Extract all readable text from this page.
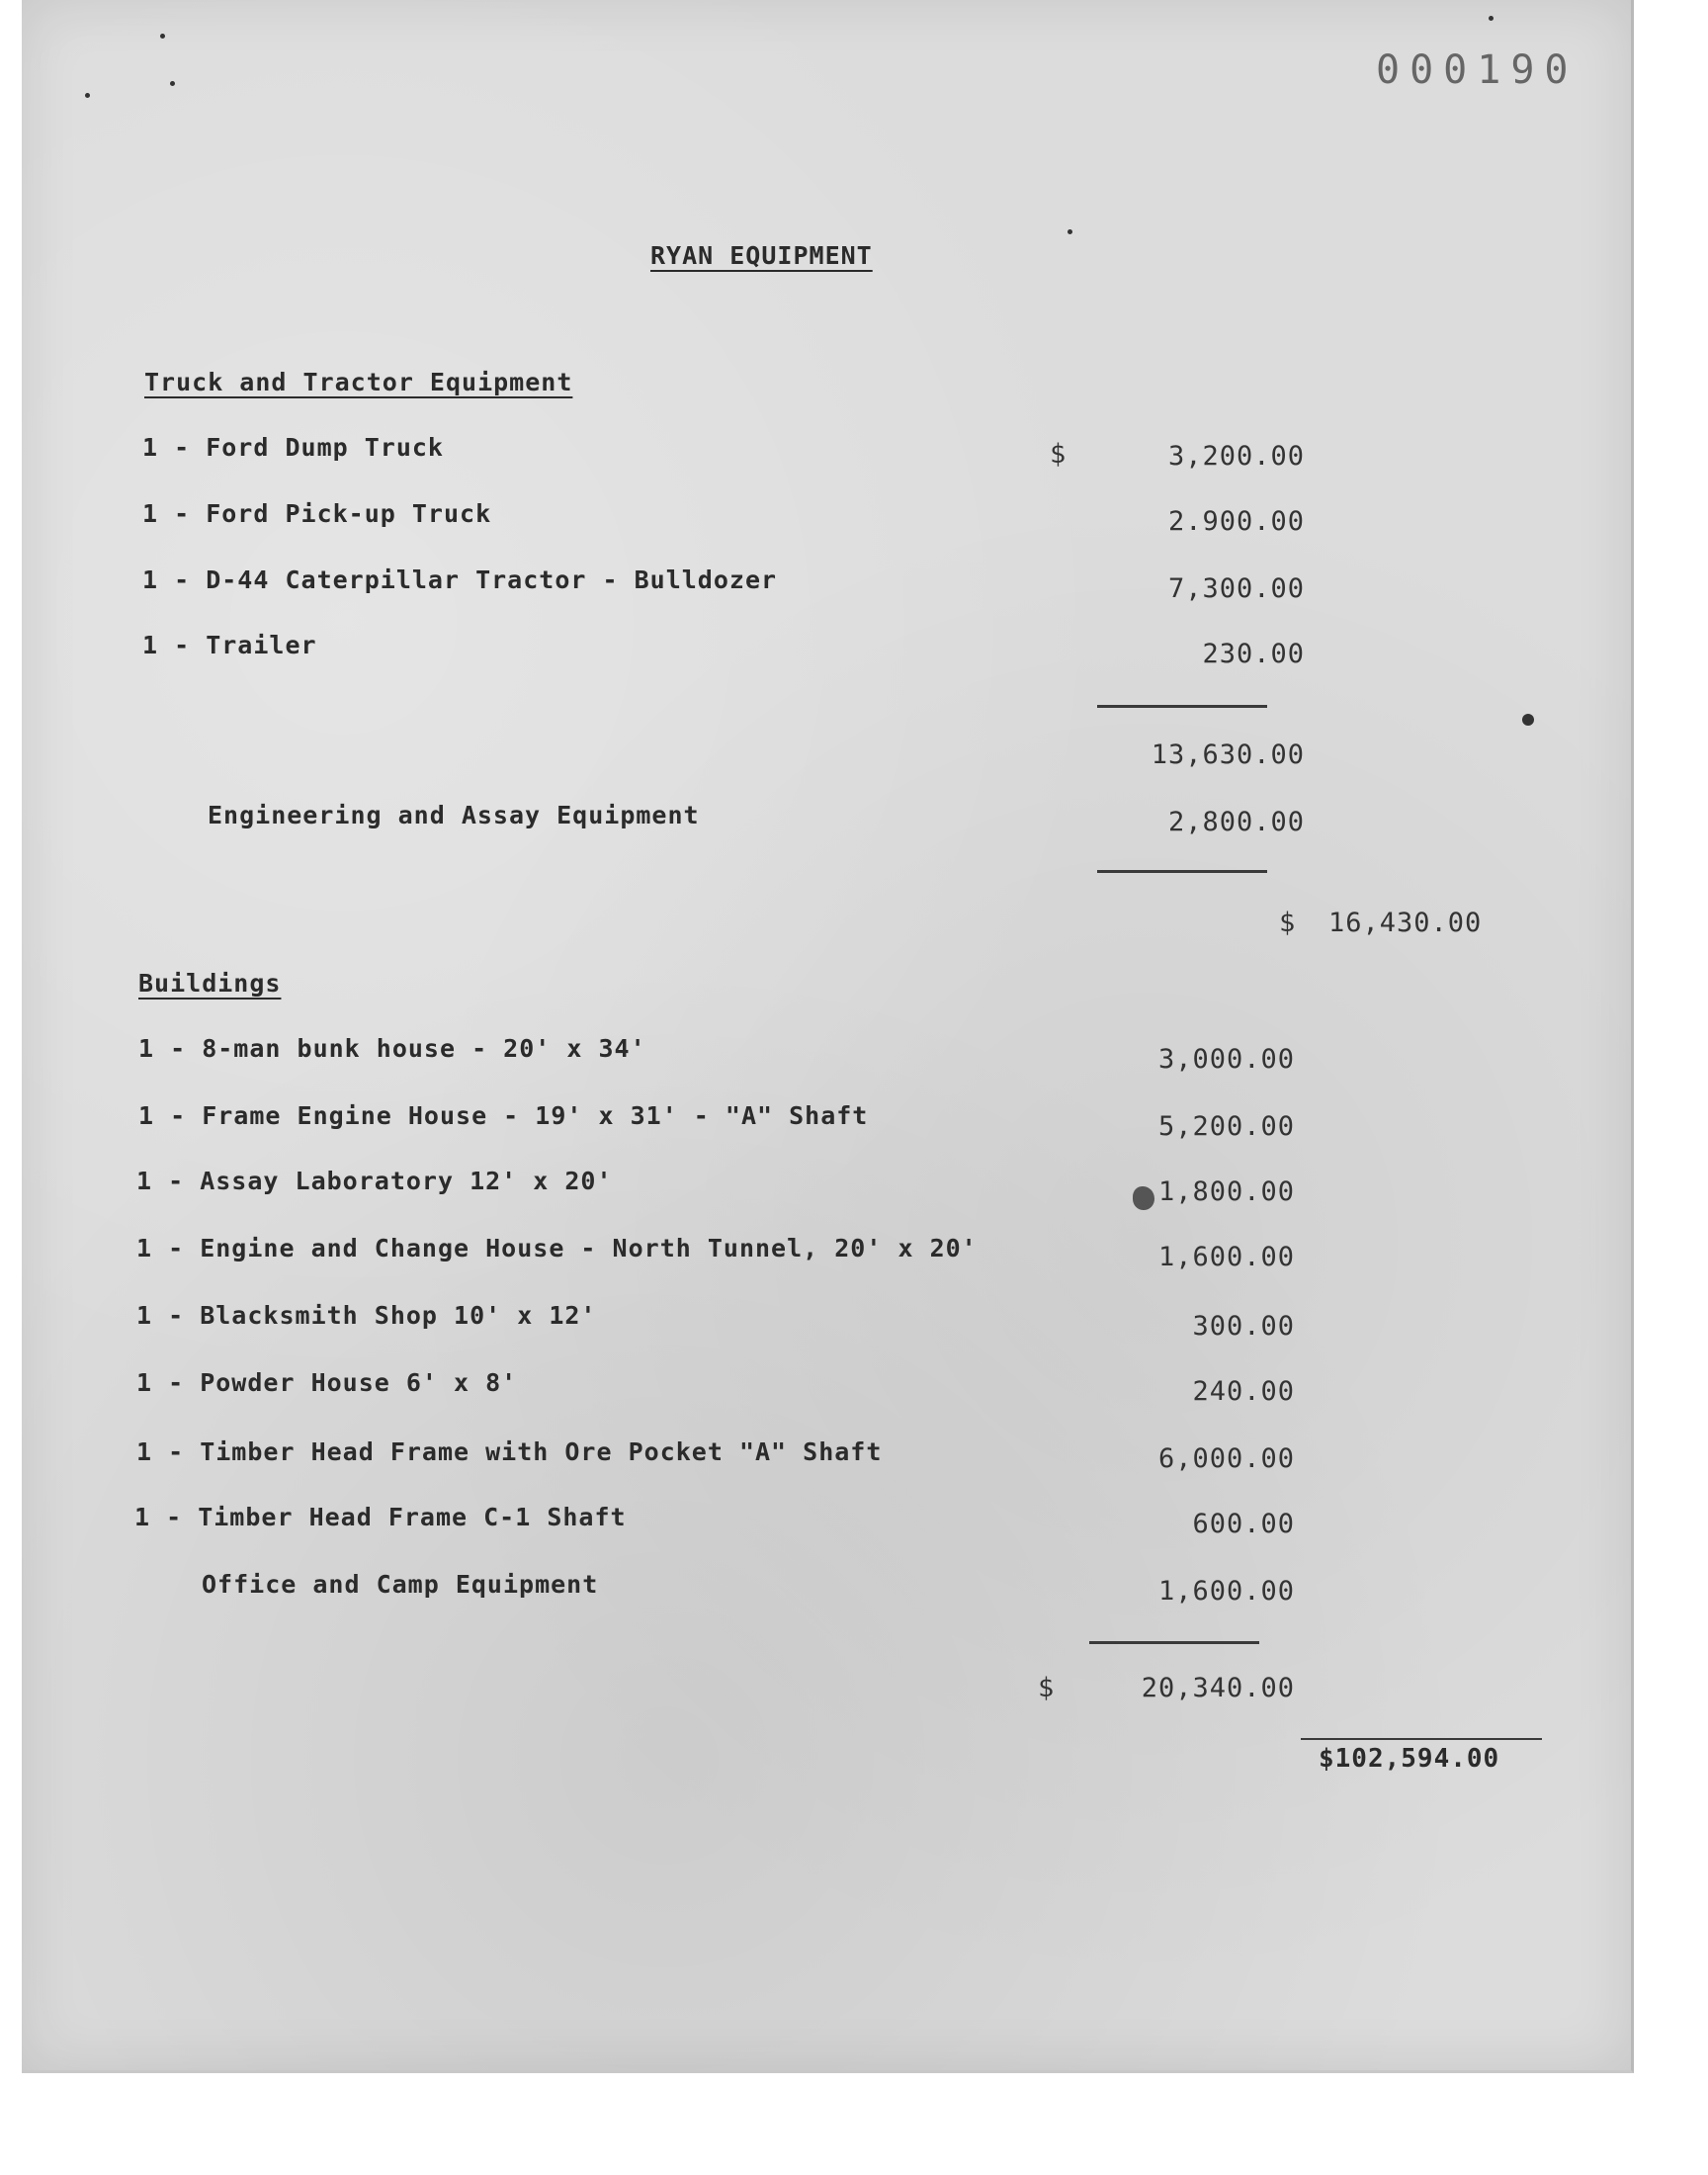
000190
RYAN EQUIPMENT
Truck and Tractor Equipment
1 - Ford Dump Truck	$	3,200.00
1 - Ford Pick-up Truck	2.900.00
1 - D-44 Caterpillar Tractor - Bulldozer	7,300.00
1 - Trailer	230.00
13,630.00
Engineering and Assay Equipment	2,800.00
$ 16,430.00
Buildings
1 - 8-man bunk house - 20' x 34'	3,000.00
1 - Frame Engine House - 19' x 31' - "A" Shaft	5,200.00
1 - Assay Laboratory 12' x 20'	1,800.00
1 - Engine and Change House - North Tunnel, 20' x 20'	1,600.00
1 - Blacksmith Shop 10' x 12'	300.00
1 - Powder House 6' x 8'	240.00
1 - Timber Head Frame with Ore Pocket "A" Shaft	6,000.00
1 - Timber Head Frame C-1 Shaft	600.00
Office and Camp Equipment	1,600.00
$	20,340.00
$102,594.00
